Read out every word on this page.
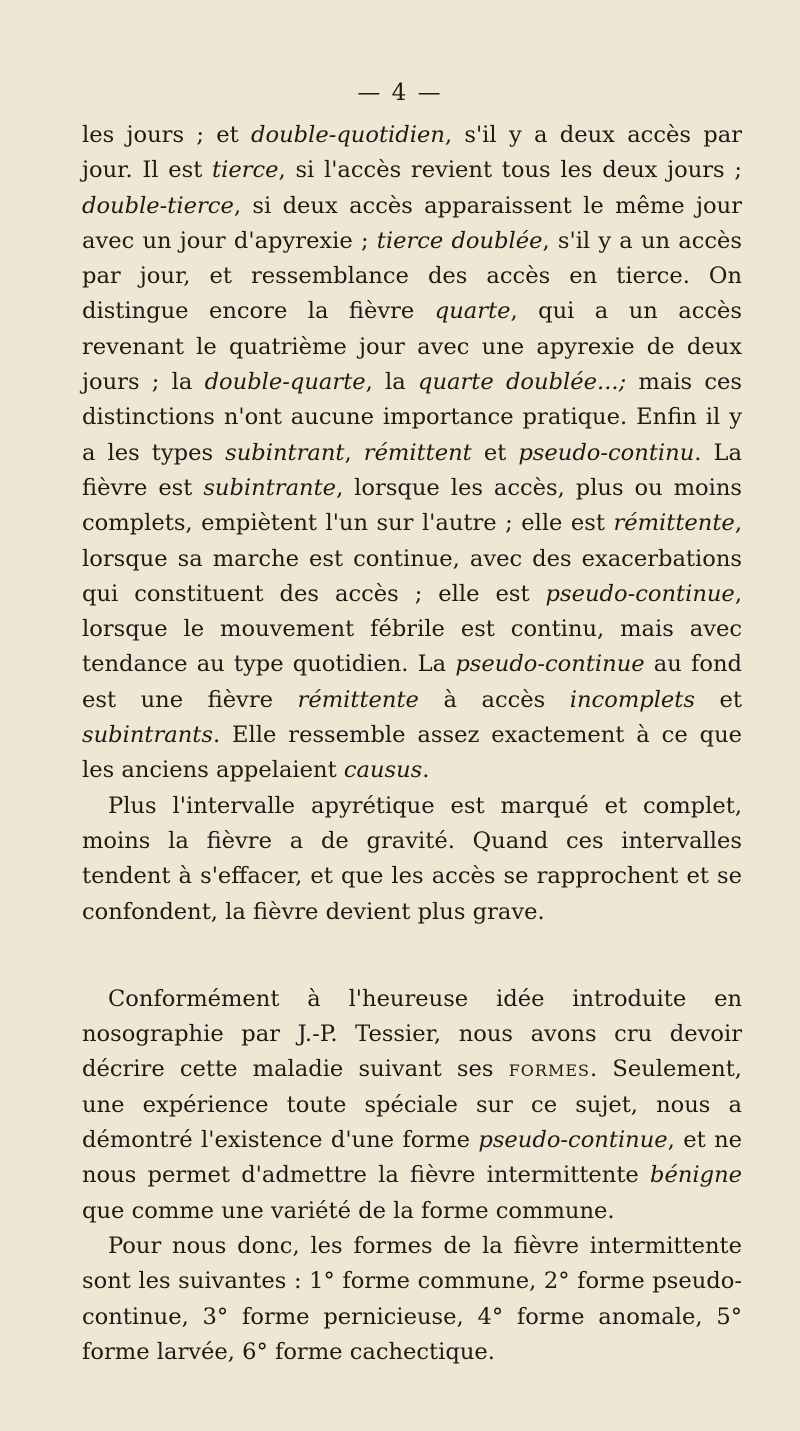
— 4 —

les jours ; et double-quotidien, s'il y a deux accès par jour. Il est tierce, si l'accès revient tous les deux jours ; double-tierce, si deux accès apparaissent le même jour avec un jour d'apyrexie ; tierce doublée, s'il y a un accès par jour, et ressemblance des accès en tierce. On distingue encore la fièvre quarte, qui a un accès revenant le quatrième jour avec une apyrexie de deux jours ; la double-quarte, la quarte doublée...; mais ces distinctions n'ont aucune importance pratique. Enfin il y a les types subintrant, rémittent et pseudo-continu. La fièvre est subintrante, lorsque les accès, plus ou moins complets, empiètent l'un sur l'autre ; elle est rémittente, lorsque sa marche est continue, avec des exacerbations qui constituent des accès ; elle est pseudo-continue, lorsque le mouvement fébrile est continu, mais avec tendance au type quotidien. La pseudo-continue au fond est une fièvre rémittente à accès incomplets et subintrants. Elle ressemble assez exactement à ce que les anciens appelaient causus.

Plus l'intervalle apyrétique est marqué et complet, moins la fièvre a de gravité. Quand ces intervalles tendent à s'effacer, et que les accès se rapprochent et se confondent, la fièvre devient plus grave.

Conformément à l'heureuse idée introduite en nosographie par J.-P. Tessier, nous avons cru devoir décrire cette maladie suivant ses formes. Seulement, une expérience toute spéciale sur ce sujet, nous a démontré l'existence d'une forme pseudo-continue, et ne nous permet d'admettre la fièvre intermittente bénigne que comme une variété de la forme commune.

Pour nous donc, les formes de la fièvre intermittente sont les suivantes : 1° forme commune, 2° forme pseudo-continue, 3° forme pernicieuse, 4° forme anomale, 5° forme larvée, 6° forme cachectique.
